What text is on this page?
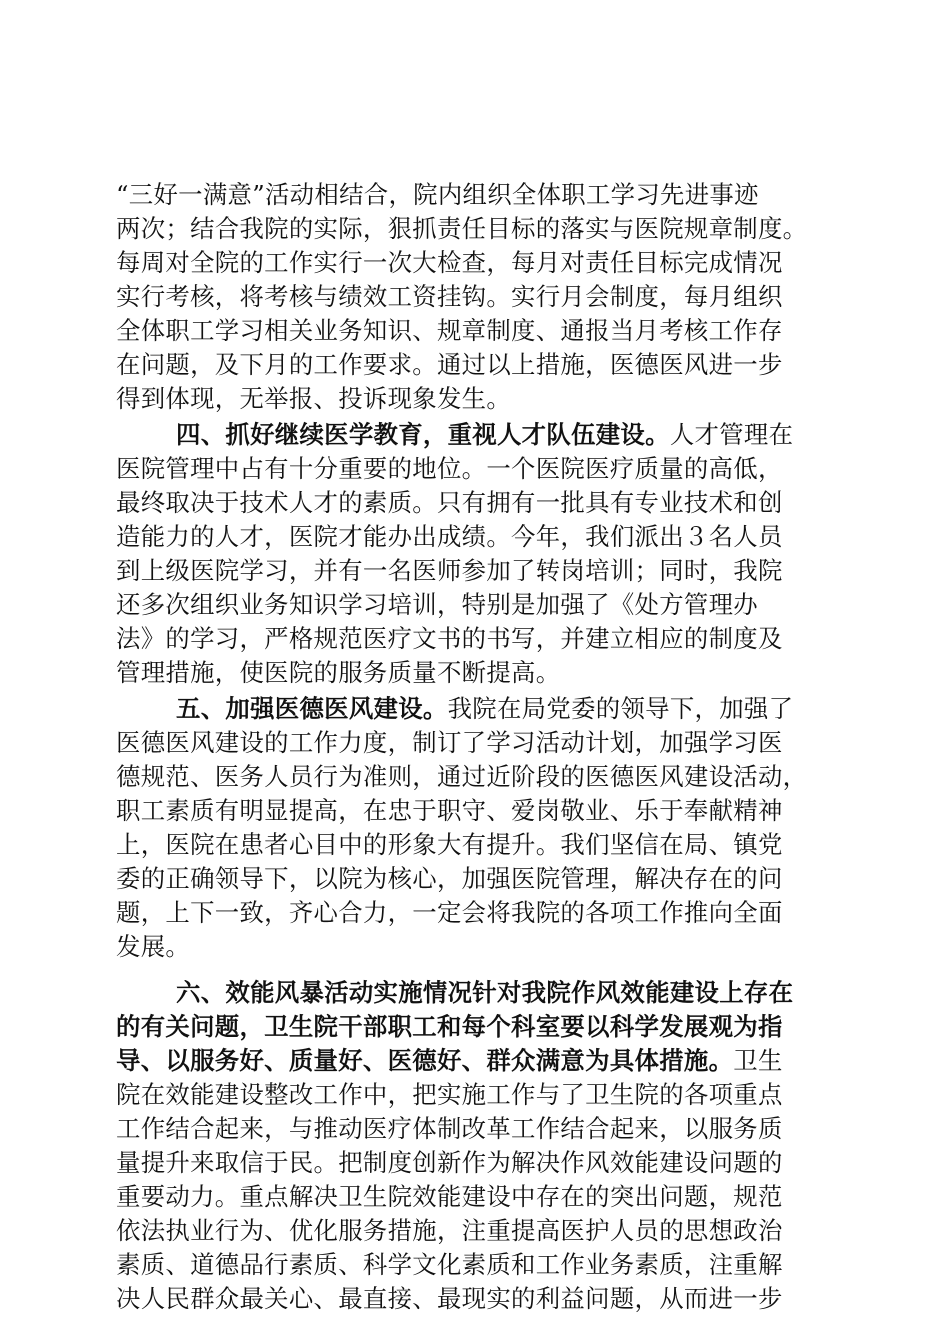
“三好一满意”活动相结合，院内组织全体职工学习先进事迹
两次；结合我院的实际，狠抓责任目标的落实与医院规章制度。
每周对全院的工作实行一次大检查，每月对责任目标完成情况
实行考核，将考核与绩效工资挂钩。实行月会制度，每月组织
全体职工学习相关业务知识、规章制度、通报当月考核工作存
在问题，及下月的工作要求。通过以上措施，医德医风进一步
得到体现，无举报、投诉现象发生。
四、抓好继续医学教育，重视人才队伍建设。人才管理在
医院管理中占有十分重要的地位。一个医院医疗质量的高低，
最终取决于技术人才的素质。只有拥有一批具有专业技术和创
造能力的人才，医院才能办出成绩。今年，我们派出３名人员
到上级医院学习，并有一名医师参加了转岗培训；同时，我院
还多次组织业务知识学习培训，特别是加强了《处方管理办
法》的学习，严格规范医疗文书的书写，并建立相应的制度及
管理措施，使医院的服务质量不断提高。
五、加强医德医风建设。我院在局党委的领导下，加强了
医德医风建设的工作力度，制订了学习活动计划，加强学习医
德规范、医务人员行为准则，通过近阶段的医德医风建设活动，
职工素质有明显提高，在忠于职守、爱岗敬业、乐于奉献精神
上，医院在患者心目中的形象大有提升。我们坚信在局、镇党
委的正确领导下，以院为核心，加强医院管理，解决存在的问
题，上下一致，齐心合力，一定会将我院的各项工作推向全面
发展。
六、效能风暴活动实施情况针对我院作风效能建设上存在
的有关问题，卫生院干部职工和每个科室要以科学发展观为指
导、以服务好、质量好、医德好、群众满意为具体措施。卫生
院在效能建设整改工作中，把实施工作与了卫生院的各项重点
工作结合起来，与推动医疗体制改革工作结合起来，以服务质
量提升来取信于民。把制度创新作为解决作风效能建设问题的
重要动力。重点解决卫生院效能建设中存在的突出问题，规范
依法执业行为、优化服务措施，注重提高医护人员的思想政治
素质、道德品行素质、科学文化素质和工作业务素质，注重解
决人民群众最关心、最直接、最现实的利益问题，从而进一步
